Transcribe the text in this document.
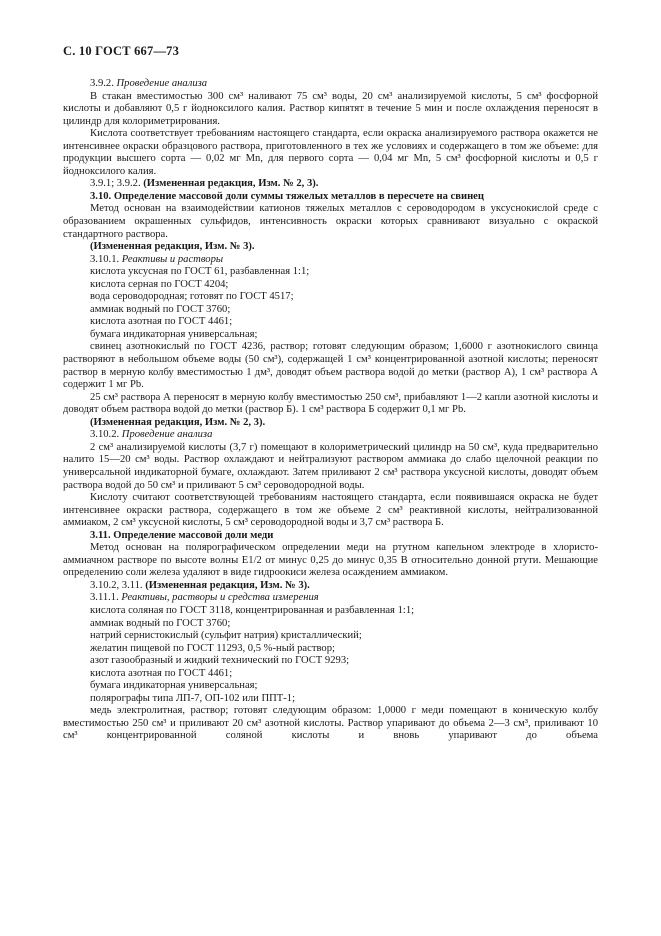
С. 10 ГОСТ 667—73

3.9.2. Проведение анализа

В стакан вместимостью 300 см³ наливают 75 см³ воды, 20 см³ анализируемой кислоты, 5 см³ фосфорной кислоты и добавляют 0,5 г йодноксилого калия. Раствор кипятят в течение 5 мин и после охлаждения переносят в цилиндр для колориметрирования.

Кислота соответствует требованиям настоящего стандарта, если окраска анализируемого раствора окажется не интенсивнее окраски образцового раствора, приготовленного в тех же условиях и содержащего в том же объеме: для продукции высшего сорта — 0,02 мг Mn, для первого сорта — 0,04 мг Mn, 5 см³ фосфорной кислоты и 0,5 г йодноксилого калия.

3.9.1; 3.9.2. (Измененная редакция, Изм. № 2, 3).

3.10. Определение массовой доли суммы тяжелых металлов в пересчете на свинец

Метод основан на взаимодействии катионов тяжелых металлов с сероводородом в уксуснокислой среде с образованием окрашенных сульфидов, интенсивность окраски которых сравнивают визуально с окраской стандартного раствора.

(Измененная редакция, Изм. № 3).

3.10.1. Реактивы и растворы

кислота уксусная по ГОСТ 61, разбавленная 1:1;

кислота серная по ГОСТ 4204;

вода сероводородная; готовят по ГОСТ 4517;

аммиак водный по ГОСТ 3760;

кислота азотная по ГОСТ 4461;

бумага индикаторная универсальная;

свинец азотнокислый по ГОСТ 4236, раствор; готовят следующим образом; 1,6000 г азотнокислого свинца растворяют в небольшом объеме воды (50 см³), содержащей 1 см³ концентрированной азотной кислоты; переносят раствор в мерную колбу вместимостью 1 дм³, доводят объем раствора водой до метки (раствор А), 1 см³ раствора А содержит 1 мг Pb.

25 см³ раствора А переносят в мерную колбу вместимостью 250 см³, прибавляют 1—2 капли азотной кислоты и доводят объем раствора водой до метки (раствор Б). 1 см³ раствора Б содержит 0,1 мг Pb.

(Измененная редакция, Изм. № 2, 3).

3.10.2. Проведение анализа

2 см³ анализируемой кислоты (3,7 г) помещают в колориметрический цилиндр на 50 см³, куда предварительно налито 15—20 см³ воды. Раствор охлаждают и нейтрализуют раствором аммиака до слабо щелочной реакции по универсальной индикаторной бумаге, охлаждают. Затем приливают 2 см³ раствора уксусной кислоты, доводят объем раствора водой до 50 см³ и приливают 5 см³ сероводородной воды.

Кислоту считают соответствующей требованиям настоящего стандарта, если появившаяся окраска не будет интенсивнее окраски раствора, содержащего в том же объеме 2 см³ реактивной кислоты, нейтрализованной аммиаком, 2 см³ уксусной кислоты, 5 см³ сероводородной воды и 3,7 см³ раствора Б.

3.11. Определение массовой доли меди

Метод основан на полярографическом определении меди на ртутном капельном электроде в хлористо-аммиачном растворе по высоте волны E1/2 от минус 0,25 до минус 0,35 В относительно донной ртути. Мешающие определению соли железа удаляют в виде гидроокиси железа осаждением аммиаком.

3.10.2, 3.11. (Измененная редакция, Изм. № 3).

3.11.1. Реактивы, растворы и средства измерения

кислота соляная по ГОСТ 3118, концентрированная и разбавленная 1:1;

аммиак водный по ГОСТ 3760;

натрий сернистокислый (сульфит натрия) кристаллический;

желатин пищевой по ГОСТ 11293, 0,5 %-ный раствор;

азот газообразный и жидкий технический по ГОСТ 9293;

кислота азотная по ГОСТ 4461;

бумага индикаторная универсальная;

полярографы типа ЛП-7, ОП-102 или ППТ-1;

медь электролитная, раствор; готовят следующим образом: 1,0000 г меди помещают в коническую колбу вместимостью 250 см³ и приливают 20 см³ азотной кислоты. Раствор упаривают до объема 2—3 см³, приливают 10 см³ концентрированной соляной кислоты и вновь упаривают до объема
